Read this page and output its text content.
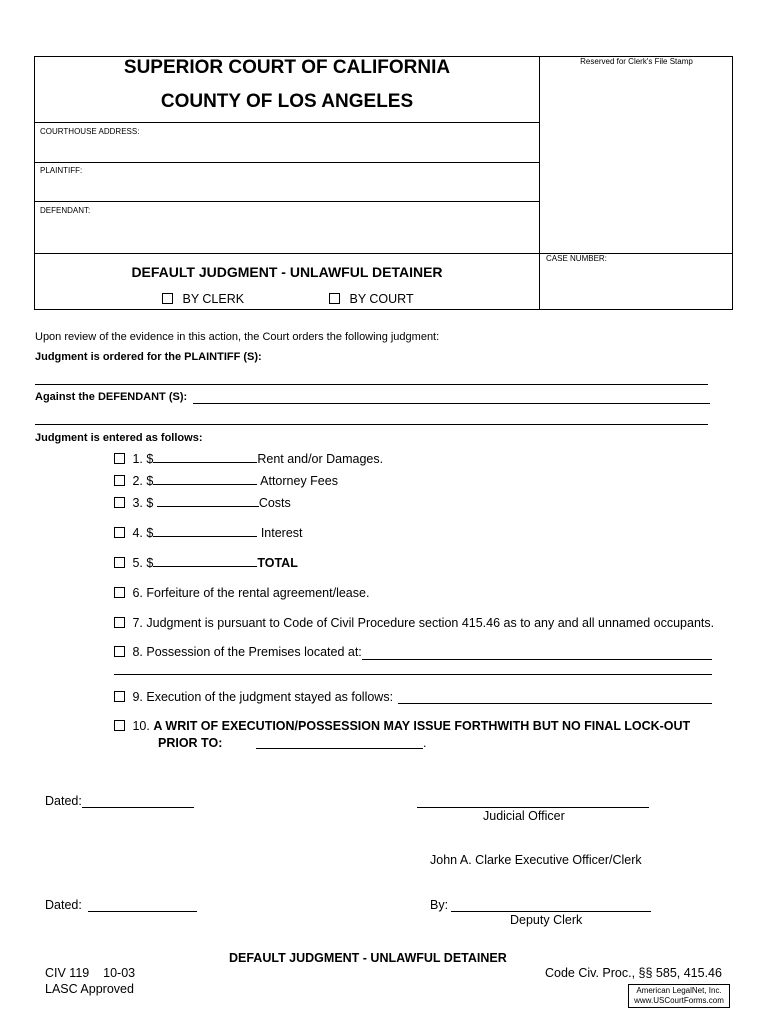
SUPERIOR COURT OF CALIFORNIA
COUNTY OF LOS ANGELES
Reserved for Clerk's File Stamp
COURTHOUSE ADDRESS:
PLAINTIFF:
DEFENDANT:
CASE NUMBER:
DEFAULT JUDGMENT - UNLAWFUL DETAINER
BY CLERK	BY COURT
Upon review of the evidence in this action, the Court orders the following judgment:
Judgment is ordered for the PLAINTIFF (S):
Against the DEFENDANT (S):
Judgment is entered as follows:
1. $	Rent and/or Damages.
2. $	Attorney Fees
3. $	Costs
4. $	Interest
5. $	TOTAL
6. Forfeiture of the rental agreement/lease.
7. Judgment is pursuant to Code of Civil Procedure section 415.46 as to any and all unnamed occupants.
8. Possession of the Premises located at:
9. Execution of the judgment stayed as follows:
10. A WRIT OF EXECUTION/POSSESSION MAY ISSUE FORTHWITH BUT NO FINAL LOCK-OUT
PRIOR TO:	.
Dated:
Judicial Officer
John A. Clarke Executive Officer/Clerk
Dated:	By:
Deputy Clerk
DEFAULT JUDGMENT - UNLAWFUL DETAINER
CIV 119    10-03
LASC Approved
Code Civ. Proc., §§ 585, 415.46
American LegalNet, Inc.
www.USCourtForms.com
